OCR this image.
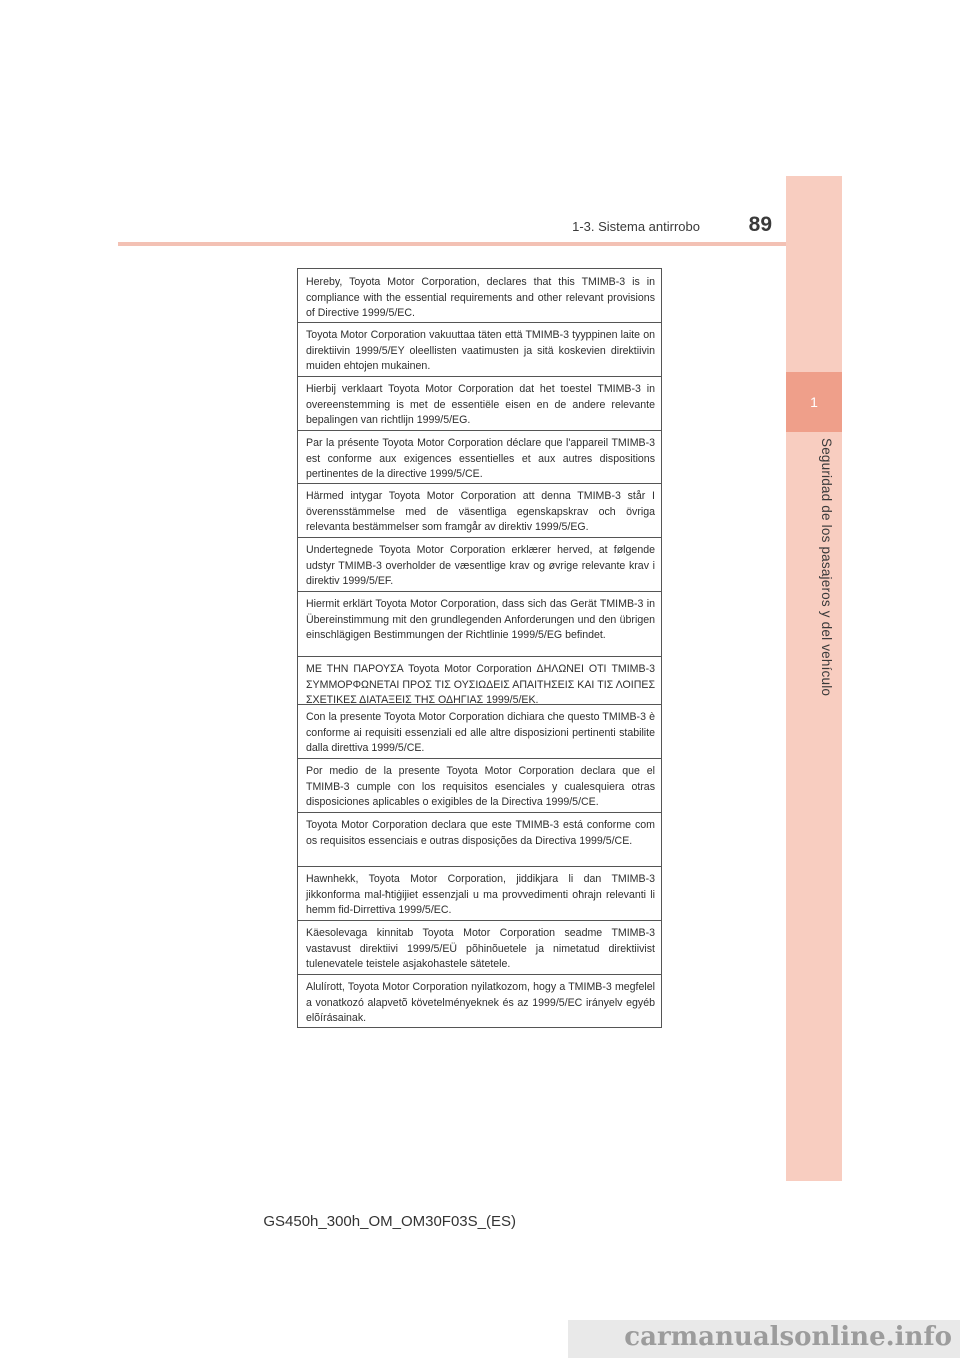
1
Seguridad de los pasajeros y del vehículo
1-3. Sistema antirrobo	89
Hereby, Toyota Motor Corporation, declares that this TMIMB-3 is in compliance with the essential requirements and other relevant provisions of Directive 1999/5/EC.
Toyota Motor Corporation vakuuttaa täten että TMIMB-3 tyyppinen laite on direktiivin 1999/5/EY oleellisten vaatimusten ja sitä koskevien direktiivin muiden ehtojen mukainen.
Hierbij verklaart Toyota Motor Corporation dat het toestel TMIMB-3 in overeenstemming is met de essentiële eisen en de andere relevante bepalingen van richtlijn 1999/5/EG.
Par la présente Toyota Motor Corporation déclare que l'appareil TMIMB-3 est conforme aux exigences essentielles et aux autres dispositions pertinentes de la directive 1999/5/CE.
Härmed intygar Toyota Motor Corporation att denna TMIMB-3 står I överensstämmelse med de väsentliga egenskapskrav och övriga relevanta bestämmelser som framgår av direktiv 1999/5/EG.
Undertegnede Toyota Motor Corporation erklærer herved, at følgende udstyr TMIMB-3 overholder de væsentlige krav og øvrige relevante krav i direktiv 1999/5/EF.
Hiermit erklärt Toyota Motor Corporation, dass sich das Gerät TMIMB-3 in Übereinstimmung mit den grundlegenden Anforderungen und den übrigen einschlägigen Bestimmungen der Richtlinie 1999/5/EG befindet.
ΜΕ ΤΗΝ ΠΑΡΟΥΣΑ Toyota Motor Corporation ΔΗΛΩΝΕΙ ΟΤΙ TMIMB-3 ΣΥΜΜΟΡΦΩΝΕΤΑΙ ΠΡΟΣ ΤΙΣ ΟΥΣΙΩΔΕΙΣ ΑΠΑΙΤΗΣΕΙΣ ΚΑΙ ΤΙΣ ΛΟΙΠΕΣ ΣΧΕΤΙΚΕΣ ΔΙΑΤΑΞΕΙΣ ΤΗΣ ΟΔΗΓΙΑΣ 1999/5/ΕΚ.
Con la presente Toyota Motor Corporation dichiara che questo TMIMB-3 è conforme ai requisiti essenziali ed alle altre disposizioni pertinenti stabilite dalla direttiva 1999/5/CE.
Por medio de la presente Toyota Motor Corporation declara que el TMIMB-3 cumple con los requisitos esenciales y cualesquiera otras disposiciones aplicables o exigibles de la Directiva 1999/5/CE.
Toyota Motor Corporation declara que este TMIMB-3 está conforme com os requisitos essenciais e outras disposições da Directiva 1999/5/CE.
Hawnhekk, Toyota Motor Corporation, jiddikjara li dan TMIMB-3 jikkonforma mal-ħtiġijiet essenzjali u ma provvedimenti oħrajn relevanti li hemm fid-Dirrettiva 1999/5/EC.
Käesolevaga kinnitab Toyota Motor Corporation seadme TMIMB-3 vastavust direktiivi 1999/5/EÜ põhinõuetele ja nimetatud direktiivist tulenevatele teistele asjakohastele sätetele.
Alulírott, Toyota Motor Corporation nyilatkozom, hogy a TMIMB-3 megfelel a vonatkozó alapvetõ követelményeknek és az 1999/5/EC irányelv egyéb elõírásainak.
GS450h_300h_OM_OM30F03S_(ES)
carmanualsonline.info
